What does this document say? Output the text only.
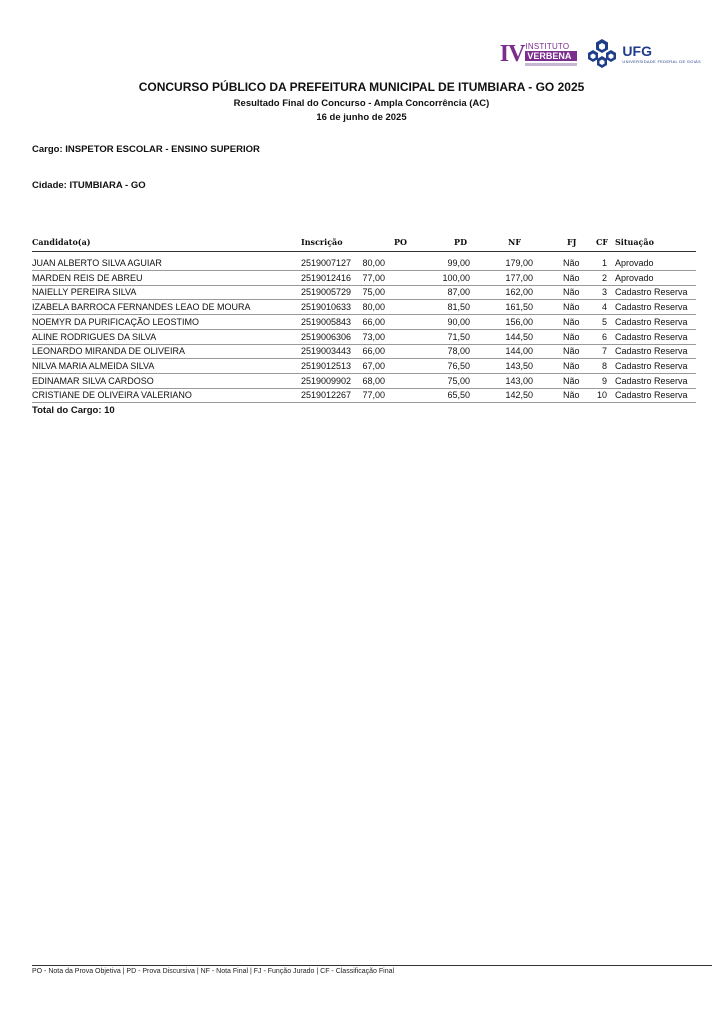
IV INSTITUTO
VERBENA	UFG
UNIVERSIDADE FEDERAL DE GOIÁS
CONCURSO PÚBLICO DA PREFEITURA MUNICIPAL DE ITUMBIARA - GO 2025
Resultado Final do Concurso - Ampla Concorrência (AC)
16 de junho de 2025
Cargo: INSPETOR ESCOLAR - ENSINO SUPERIOR
Cidade: ITUMBIARA - GO
Candidato(a)	Inscrição	PO	PD	NF	FJ CF Situação
JUAN ALBERTO SILVA AGUIAR	2519007127 80,00	99,00	179,00	Não 1 Aprovado
MARDEN REIS DE ABREU	2519012416 77,00	100,00	177,00	Não 2 Aprovado
NAIELLY PEREIRA SILVA	2519005729 75,00	87,00	162,00	Não 3 Cadastro Reserva
IZABELA BARROCA FERNANDES LEAO DE MOURA	2519010633 80,00	81,50	161,50	Não 4 Cadastro Reserva
NOEMYR DA PURIFICAÇÃO LEOSTIMO	2519005843 66,00	90,00	156,00	Não 5 Cadastro Reserva
ALINE RODRIGUES DA SILVA	2519006306 73,00	71,50	144,50	Não 6 Cadastro Reserva
LEONARDO MIRANDA DE OLIVEIRA	2519003443 66,00	78,00	144,00	Não 7 Cadastro Reserva
NILVA MARIA ALMEIDA SILVA	2519012513 67,00	76,50	143,50	Não 8 Cadastro Reserva
EDINAMAR SILVA CARDOSO	2519009902 68,00	75,00	143,00	Não 9 Cadastro Reserva
CRISTIANE DE OLIVEIRA VALERIANO	2519012267 77,00	65,50	142,50	Não 10 Cadastro Reserva
Total do Cargo: 10
PO - Nota da Prova Objetiva | PD - Prova Discursiva | NF - Nota Final | FJ - Função Jurado | CF - Classificação Final
